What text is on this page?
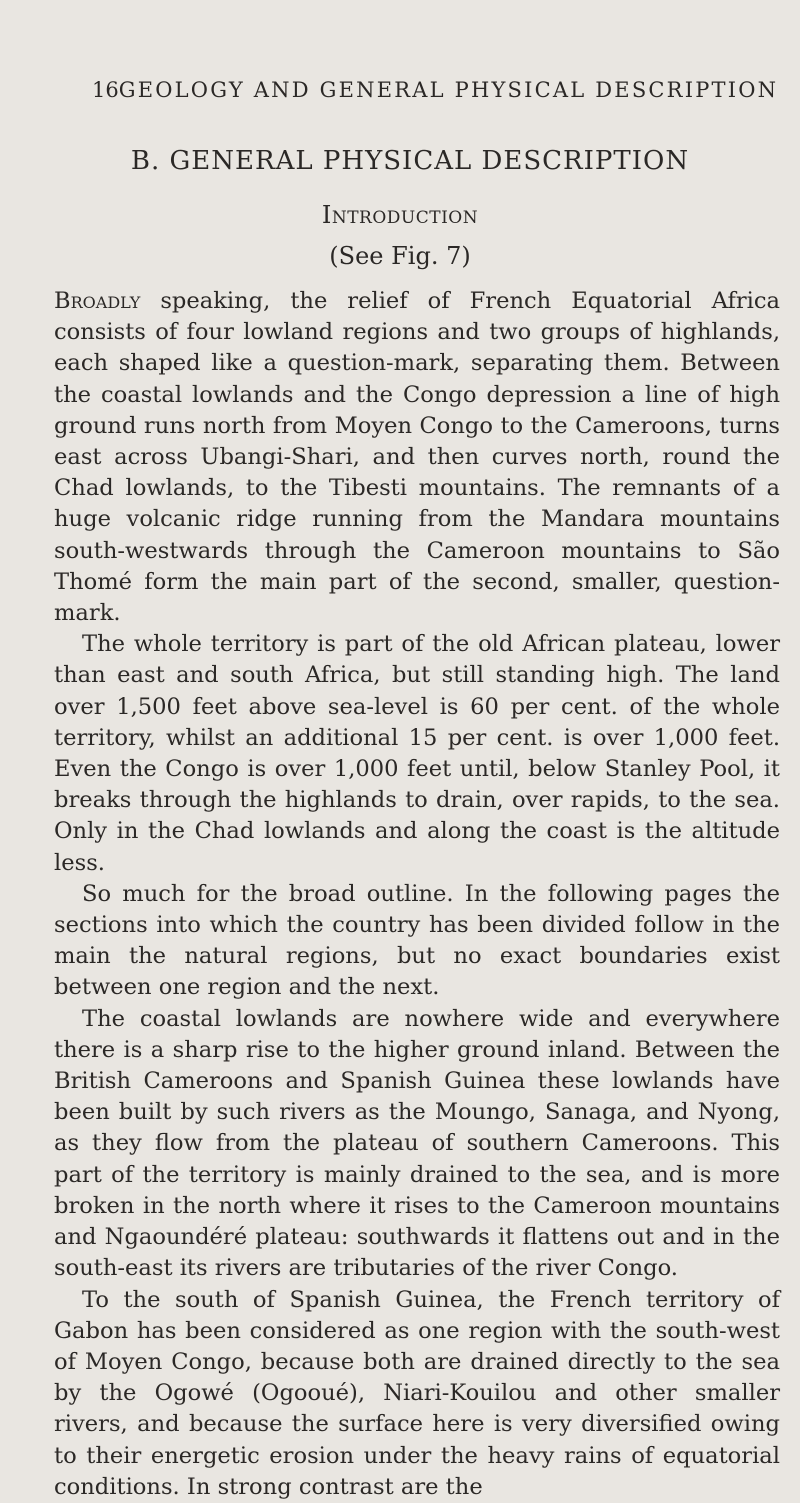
16 GEOLOGY AND GENERAL PHYSICAL DESCRIPTION
B. GENERAL PHYSICAL DESCRIPTION
Introduction
(See Fig. 7)

Broadly speaking, the relief of French Equatorial Africa consists of four lowland regions and two groups of highlands, each shaped like a question-mark, separating them. Between the coastal lowlands and the Congo depression a line of high ground runs north from Moyen Congo to the Cameroons, turns east across Ubangi-Shari, and then curves north, round the Chad lowlands, to the Tibesti mountains. The remnants of a huge volcanic ridge running from the Mandara mountains south-westwards through the Cameroon mountains to São Thomé form the main part of the second, smaller, question-mark.

The whole territory is part of the old African plateau, lower than east and south Africa, but still standing high. The land over 1,500 feet above sea-level is 60 per cent. of the whole territory, whilst an additional 15 per cent. is over 1,000 feet. Even the Congo is over 1,000 feet until, below Stanley Pool, it breaks through the highlands to drain, over rapids, to the sea. Only in the Chad lowlands and along the coast is the altitude less.

So much for the broad outline. In the following pages the sections into which the country has been divided follow in the main the natural regions, but no exact boundaries exist between one region and the next.

The coastal lowlands are nowhere wide and everywhere there is a sharp rise to the higher ground inland. Between the British Cameroons and Spanish Guinea these lowlands have been built by such rivers as the Moungo, Sanaga, and Nyong, as they flow from the plateau of southern Cameroons. This part of the territory is mainly drained to the sea, and is more broken in the north where it rises to the Cameroon mountains and Ngaoundéré plateau: southwards it flattens out and in the south-east its rivers are tributaries of the river Congo.

To the south of Spanish Guinea, the French territory of Gabon has been considered as one region with the south-west of Moyen Congo, because both are drained directly to the sea by the Ogowé (Ogooué), Niari-Kouilou and other smaller rivers, and because the surface here is very diversified owing to their energetic erosion under the heavy rains of equatorial conditions. In strong contrast are the
